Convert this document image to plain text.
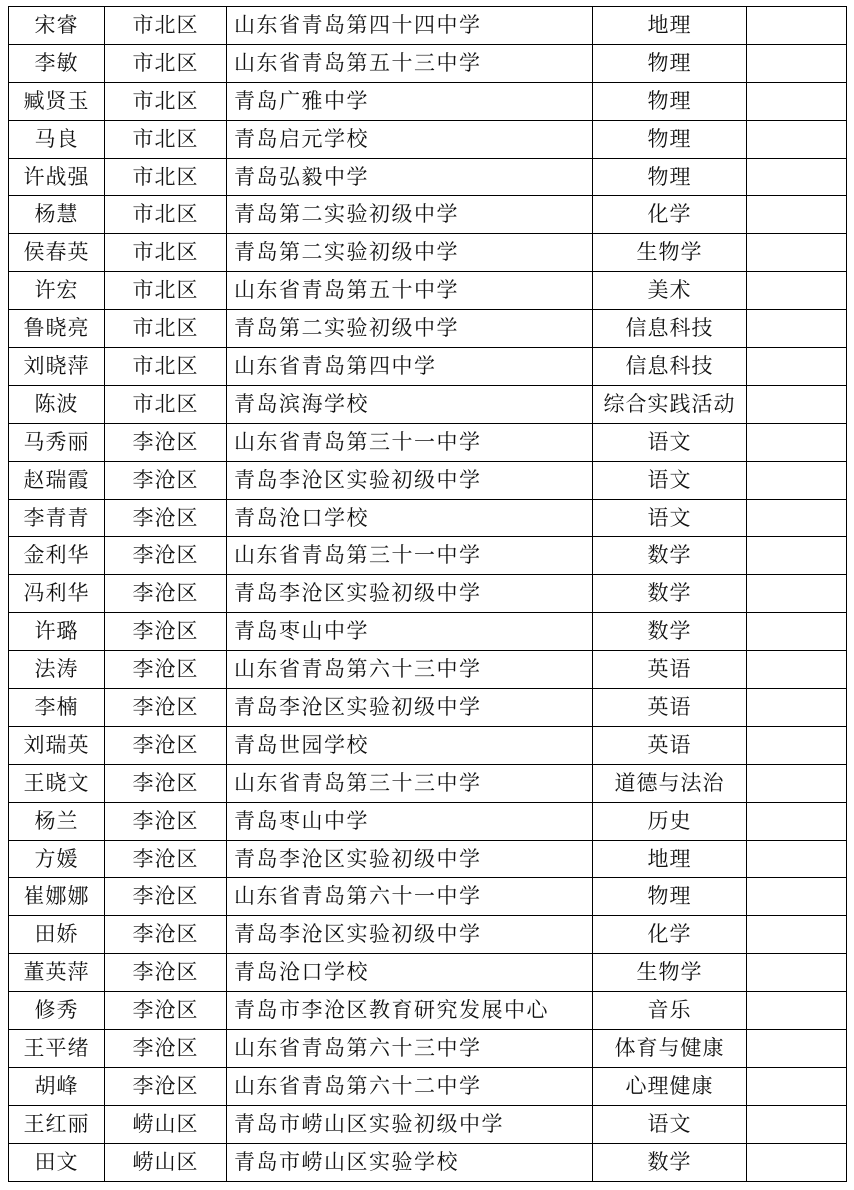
宋睿	市北区	山东省青岛第四十四中学	地理	
李敏	市北区	山东省青岛第五十三中学	物理	
臧贤玉	市北区	青岛广雅中学	物理	
马良	市北区	青岛启元学校	物理	
许战强	市北区	青岛弘毅中学	物理	
杨慧	市北区	青岛第二实验初级中学	化学	
侯春英	市北区	青岛第二实验初级中学	生物学	
许宏	市北区	山东省青岛第五十中学	美术	
鲁晓亮	市北区	青岛第二实验初级中学	信息科技	
刘晓萍	市北区	山东省青岛第四中学	信息科技	
陈波	市北区	青岛滨海学校	综合实践活动	
马秀丽	李沧区	山东省青岛第三十一中学	语文	
赵瑞霞	李沧区	青岛李沧区实验初级中学	语文	
李青青	李沧区	青岛沧口学校	语文	
金利华	李沧区	山东省青岛第三十一中学	数学	
冯利华	李沧区	青岛李沧区实验初级中学	数学	
许璐	李沧区	青岛枣山中学	数学	
法涛	李沧区	山东省青岛第六十三中学	英语	
李楠	李沧区	青岛李沧区实验初级中学	英语	
刘瑞英	李沧区	青岛世园学校	英语	
王晓文	李沧区	山东省青岛第三十三中学	道德与法治	
杨兰	李沧区	青岛枣山中学	历史	
方媛	李沧区	青岛李沧区实验初级中学	地理	
崔娜娜	李沧区	山东省青岛第六十一中学	物理	
田娇	李沧区	青岛李沧区实验初级中学	化学	
董英萍	李沧区	青岛沧口学校	生物学	
修秀	李沧区	青岛市李沧区教育研究发展中心	音乐	
王平绪	李沧区	山东省青岛第六十三中学	体育与健康	
胡峰	李沧区	山东省青岛第六十二中学	心理健康	
王红丽	崂山区	青岛市崂山区实验初级中学	语文	
田文	崂山区	青岛市崂山区实验学校	数学	
